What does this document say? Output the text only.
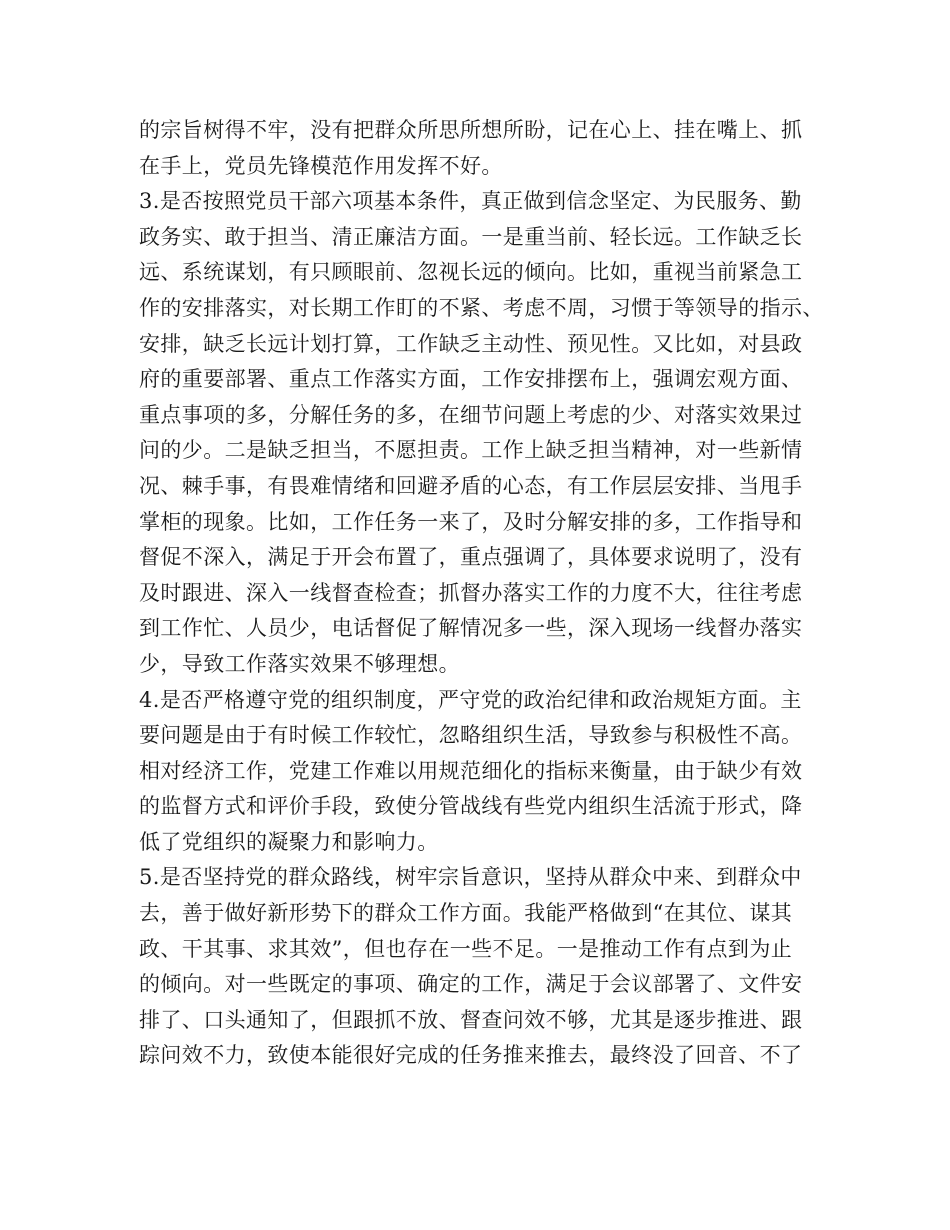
的宗旨树得不牢，没有把群众所思所想所盼，记在心上、挂在嘴上、抓
在手上，党员先锋模范作用发挥不好。
3.是否按照党员干部六项基本条件，真正做到信念坚定、为民服务、勤
政务实、敢于担当、清正廉洁方面。一是重当前、轻长远。工作缺乏长
远、系统谋划，有只顾眼前、忽视长远的倾向。比如，重视当前紧急工
作的安排落实，对长期工作盯的不紧、考虑不周，习惯于等领导的指示、
安排，缺乏长远计划打算，工作缺乏主动性、预见性。又比如，对县政
府的重要部署、重点工作落实方面，工作安排摆布上，强调宏观方面、
重点事项的多，分解任务的多，在细节问题上考虑的少、对落实效果过
问的少。二是缺乏担当，不愿担责。工作上缺乏担当精神，对一些新情
况、棘手事，有畏难情绪和回避矛盾的心态，有工作层层安排、当甩手
掌柜的现象。比如，工作任务一来了，及时分解安排的多，工作指导和
督促不深入，满足于开会布置了，重点强调了，具体要求说明了，没有
及时跟进、深入一线督查检查；抓督办落实工作的力度不大，往往考虑
到工作忙、人员少，电话督促了解情况多一些，深入现场一线督办落实
少，导致工作落实效果不够理想。
4.是否严格遵守党的组织制度，严守党的政治纪律和政治规矩方面。主
要问题是由于有时候工作较忙，忽略组织生活，导致参与积极性不高。
相对经济工作，党建工作难以用规范细化的指标来衡量，由于缺少有效
的监督方式和评价手段，致使分管战线有些党内组织生活流于形式，降
低了党组织的凝聚力和影响力。
5.是否坚持党的群众路线，树牢宗旨意识，坚持从群众中来、到群众中
去，善于做好新形势下的群众工作方面。我能严格做到“在其位、谋其
政、干其事、求其效”，但也存在一些不足。一是推动工作有点到为止
的倾向。对一些既定的事项、确定的工作，满足于会议部署了、文件安
排了、口头通知了，但跟抓不放、督查问效不够，尤其是逐步推进、跟
踪问效不力，致使本能很好完成的任务推来推去，最终没了回音、不了
